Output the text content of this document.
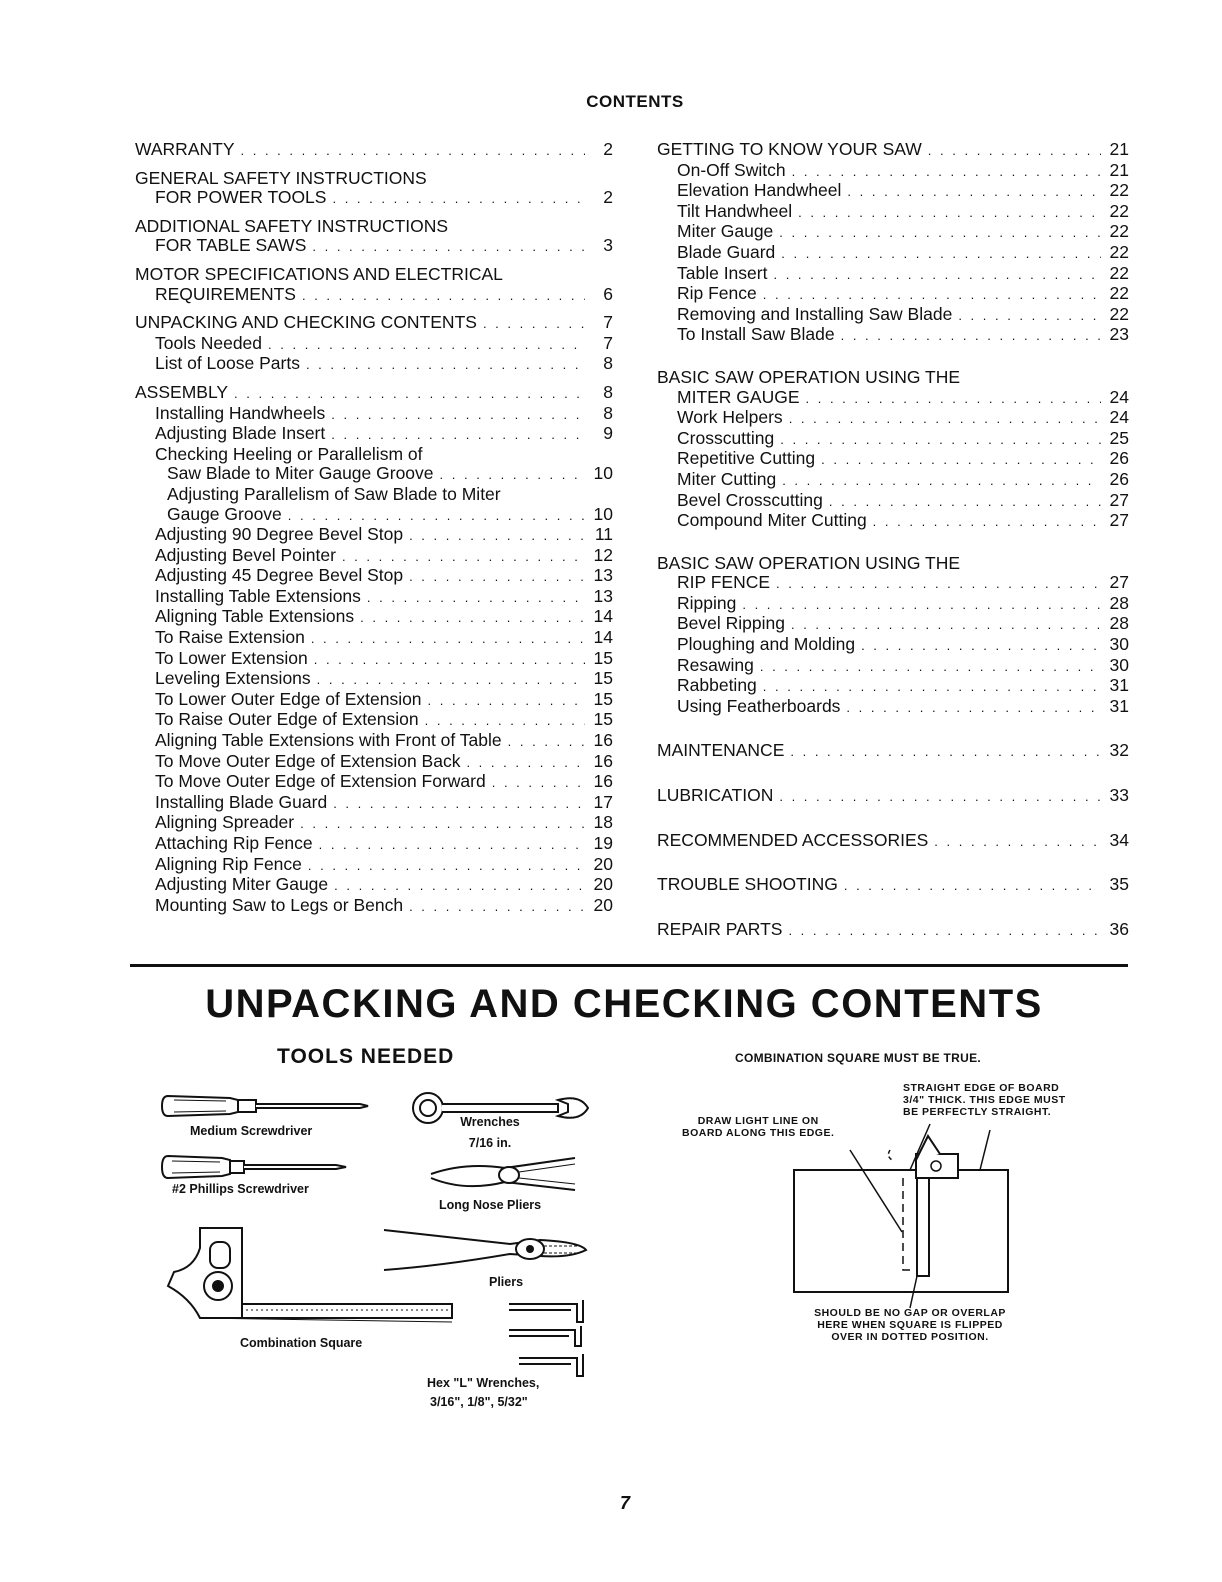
CONTENTS
WARRANTY . . .	2
GENERAL SAFETY INSTRUCTIONS
FOR POWER TOOLS . . .	2
ADDITIONAL SAFETY INSTRUCTIONS
FOR TABLE SAWS . . .	3
MOTOR SPECIFICATIONS AND ELECTRICAL
REQUIREMENTS . . .	6
UNPACKING AND CHECKING CONTENTS . . .	7
Tools Needed . . .	7
List of Loose Parts . . .	8
ASSEMBLY . . .	8
Installing Handwheels . . .	8
Adjusting Blade Insert . . .	9
Checking Heeling or Parallelism of
Saw Blade to Miter Gauge Groove . . .	10
Adjusting Parallelism of Saw Blade to Miter
Gauge Groove . . .	10
Adjusting 90 Degree Bevel Stop . . .	11
Adjusting Bevel Pointer . . .	12
Adjusting 45 Degree Bevel Stop . . .	13
Installing Table Extensions . . .	13
Aligning Table Extensions . . .	14
To Raise Extension . . .	14
To Lower Extension . . .	15
Leveling Extensions . . .	15
To Lower Outer Edge of Extension . . .	15
To Raise Outer Edge of Extension . . .	15
Aligning Table Extensions with Front of Table . . .	16
To Move Outer Edge of Extension Back . . .	16
To Move Outer Edge of Extension Forward . . .	16
Installing Blade Guard . . .	17
Aligning Spreader . . .	18
Attaching Rip Fence . . .	19
Aligning Rip Fence . . .	20
Adjusting Miter Gauge . . .	20
Mounting Saw to Legs or Bench . . .	20
GETTING TO KNOW YOUR SAW . . .	21
On-Off Switch . . .	21
Elevation Handwheel . . .	22
Tilt Handwheel . . .	22
Miter Gauge . . .	22
Blade Guard . . .	22
Table Insert . . .	22
Rip Fence . . .	22
Removing and Installing Saw Blade . . .	22
To Install Saw Blade . . .	23
BASIC SAW OPERATION USING THE
MITER GAUGE . . .	24
Work Helpers . . .	24
Crosscutting . . .	25
Repetitive Cutting . . .	26
Miter Cutting . . .	26
Bevel Crosscutting . . .	27
Compound Miter Cutting . . .	27
BASIC SAW OPERATION USING THE
RIP FENCE . . .	27
Ripping . . .	28
Bevel Ripping . . .	28
Ploughing and Molding . . .	30
Resawing . . .	30
Rabbeting . . .	31
Using Featherboards . . .	31
MAINTENANCE . . .	32
LUBRICATION . . .	33
RECOMMENDED ACCESSORIES . . .	34
TROUBLE SHOOTING . . .	35
REPAIR PARTS . . .	36
UNPACKING AND CHECKING CONTENTS
TOOLS NEEDED	COMBINATION SQUARE MUST BE TRUE.
Medium Screwdriver
#2 Phillips Screwdriver
Combination Square
Wrenches
7/16 in.
Long Nose Pliers
Pliers
Hex "L" Wrenches,
3/16", 1/8", 5/32"
STRAIGHT EDGE OF BOARD
3/4" THICK. THIS EDGE MUST
BE PERFECTLY STRAIGHT.
DRAW LIGHT LINE ON
BOARD ALONG THIS EDGE.
SHOULD BE NO GAP OR OVERLAP
HERE WHEN SQUARE IS FLIPPED
OVER IN DOTTED POSITION.
7
